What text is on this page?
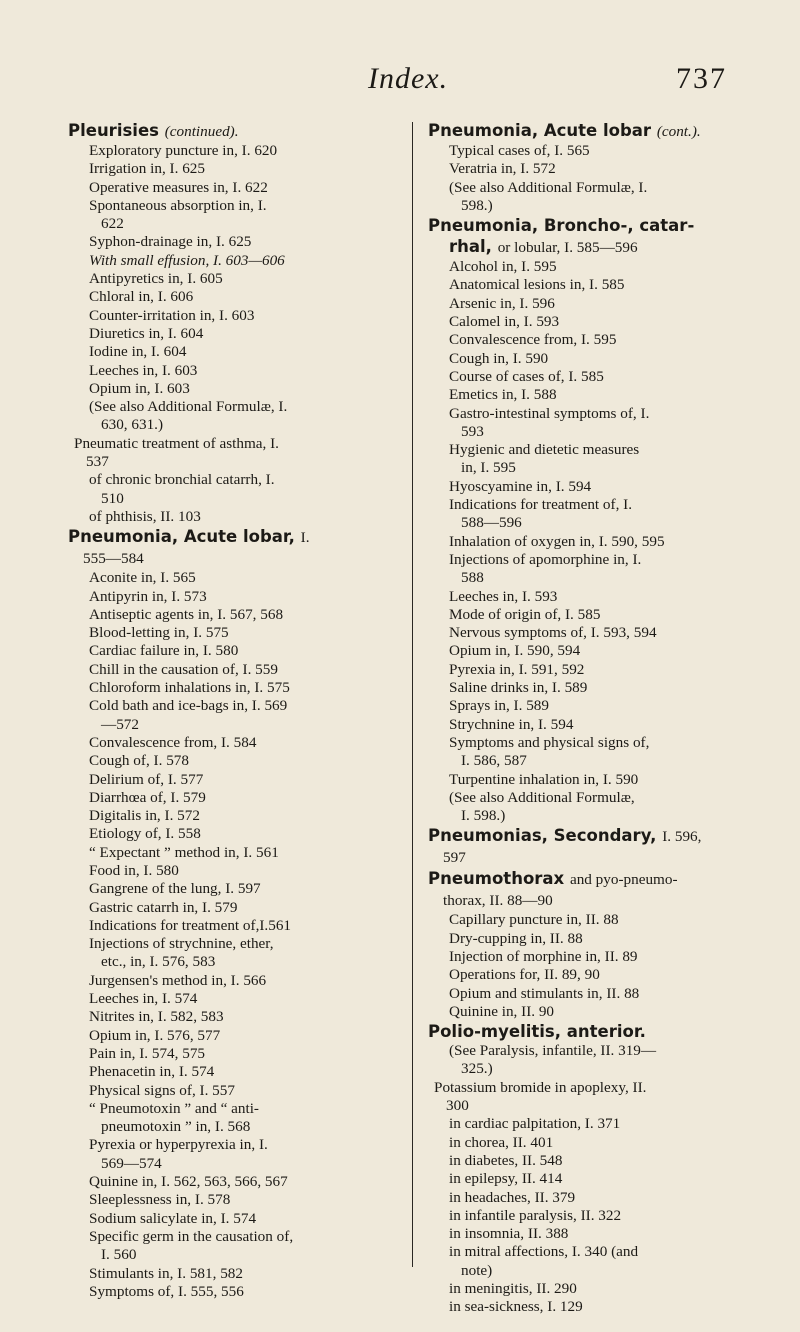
Index.	737
Pleurisies (continued).
Exploratory puncture in, I. 620
Irrigation in, I. 625
Operative measures in, I. 622
Spontaneous absorption in, I.
622
Syphon-drainage in, I. 625
With small effusion, I. 603—606
Antipyretics in, I. 605
Chloral in, I. 606
Counter-irritation in, I. 603
Diuretics in, I. 604
Iodine in, I. 604
Leeches in, I. 603
Opium in, I. 603
(See also Additional Formulæ, I.
630, 631.)
Pneumatic treatment of asthma, I.
537
of chronic bronchial catarrh, I.
510
of phthisis, II. 103
Pneumonia, Acute lobar, I.
555—584
Aconite in, I. 565
Antipyrin in, I. 573
Antiseptic agents in, I. 567, 568
Blood-letting in, I. 575
Cardiac failure in, I. 580
Chill in the causation of, I. 559
Chloroform inhalations in, I. 575
Cold bath and ice-bags in, I. 569
—572
Convalescence from, I. 584
Cough of, I. 578
Delirium of, I. 577
Diarrhœa of, I. 579
Digitalis in, I. 572
Etiology of, I. 558
“ Expectant ” method in, I. 561
Food in, I. 580
Gangrene of the lung, I. 597
Gastric catarrh in, I. 579
Indications for treatment of,I.561
Injections of strychnine, ether,
etc., in, I. 576, 583
Jurgensen's method in, I. 566
Leeches in, I. 574
Nitrites in, I. 582, 583
Opium in, I. 576, 577
Pain in, I. 574, 575
Phenacetin in, I. 574
Physical signs of, I. 557
“ Pneumotoxin ” and “ anti-
pneumotoxin ” in, I. 568
Pyrexia or hyperpyrexia in, I.
569—574
Quinine in, I. 562, 563, 566, 567
Sleeplessness in, I. 578
Sodium salicylate in, I. 574
Specific germ in the causation of,
I. 560
Stimulants in, I. 581, 582
Symptoms of, I. 555, 556
Pneumonia, Acute lobar (cont.).
Typical cases of, I. 565
Veratria in, I. 572
(See also Additional Formulæ, I.
598.)
Pneumonia, Broncho-, catar-
rhal, or lobular, I. 585—596
Alcohol in, I. 595
Anatomical lesions in, I. 585
Arsenic in, I. 596
Calomel in, I. 593
Convalescence from, I. 595
Cough in, I. 590
Course of cases of, I. 585
Emetics in, I. 588
Gastro-intestinal symptoms of, I.
593
Hygienic and dietetic measures
in, I. 595
Hyoscyamine in, I. 594
Indications for treatment of, I.
588—596
Inhalation of oxygen in, I. 590, 595
Injections of apomorphine in, I.
588
Leeches in, I. 593
Mode of origin of, I. 585
Nervous symptoms of, I. 593, 594
Opium in, I. 590, 594
Pyrexia in, I. 591, 592
Saline drinks in, I. 589
Sprays in, I. 589
Strychnine in, I. 594
Symptoms and physical signs of,
I. 586, 587
Turpentine inhalation in, I. 590
(See also Additional Formulæ,
I. 598.)
Pneumonias, Secondary, I. 596,
597
Pneumothorax and pyo-pneumo-
thorax, II. 88—90
Capillary puncture in, II. 88
Dry-cupping in, II. 88
Injection of morphine in, II. 89
Operations for, II. 89, 90
Opium and stimulants in, II. 88
Quinine in, II. 90
Polio-myelitis, anterior.
(See Paralysis, infantile, II. 319—
325.)
Potassium bromide in apoplexy, II.
300
in cardiac palpitation, I. 371
in chorea, II. 401
in diabetes, II. 548
in epilepsy, II. 414
in headaches, II. 379
in infantile paralysis, II. 322
in insomnia, II. 388
in mitral affections, I. 340 (and
note)
in meningitis, II. 290
in sea-sickness, I. 129
